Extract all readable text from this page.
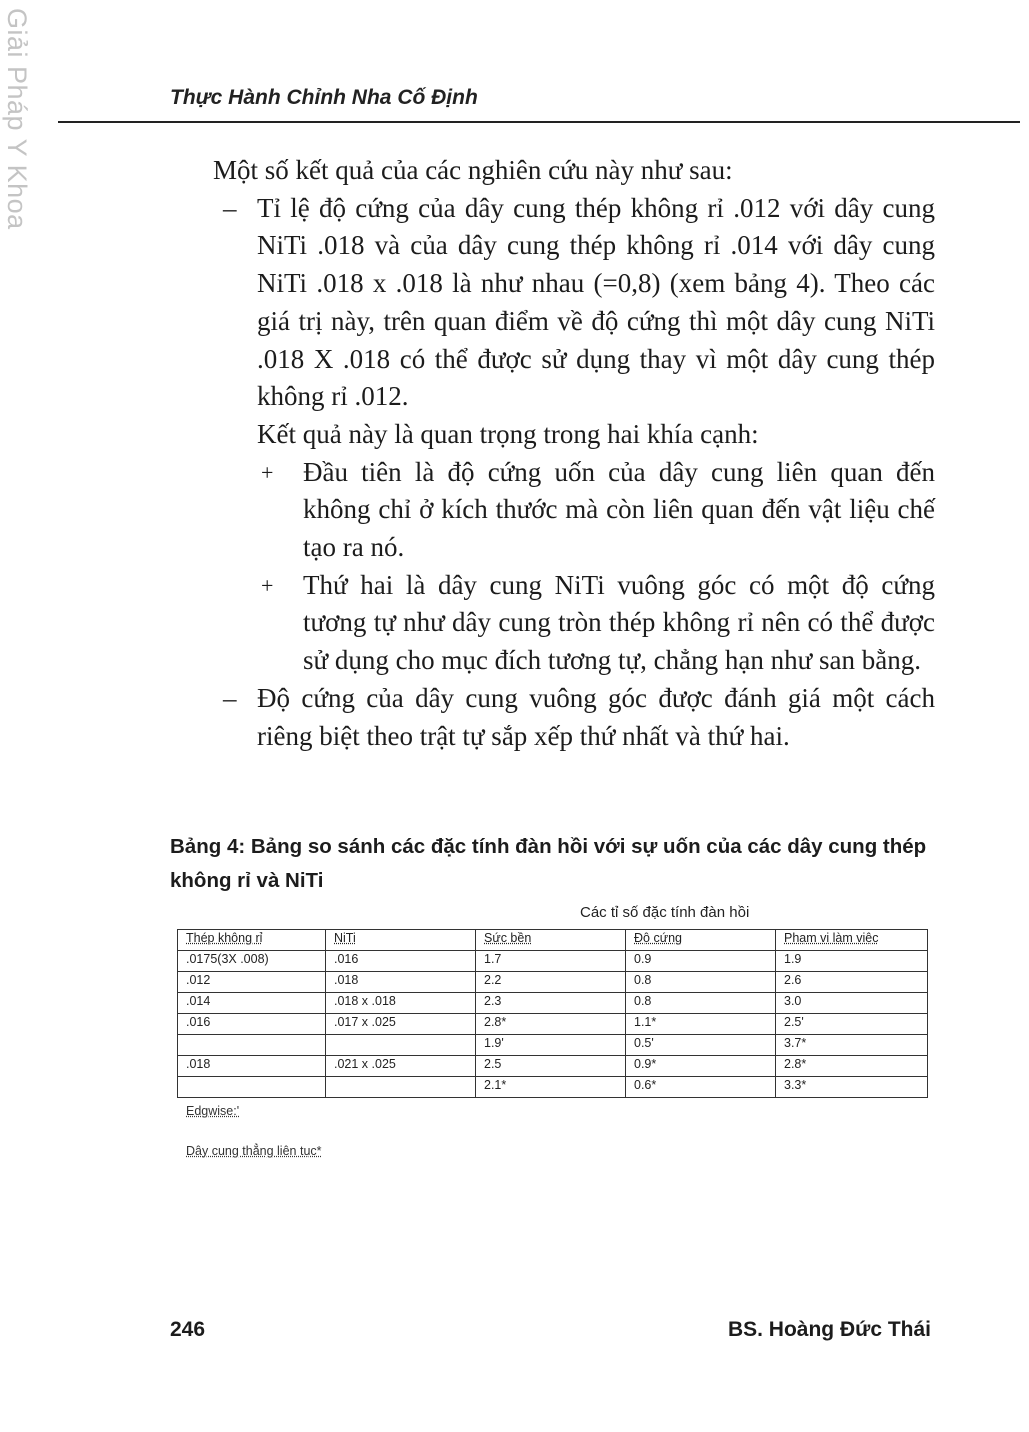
Giải Pháp Y Khoa	Thực Hành Chỉnh Nha Cố Định

Một số kết quả của các nghiên cứu này như sau:

– Tỉ lệ độ cứng của dây cung thép không rỉ .012 với dây cung NiTi .018 và của dây cung thép không rỉ .014 với dây cung NiTi .018 x .018 là như nhau (=0,8) (xem bảng 4). Theo các giá trị này, trên quan điểm về độ cứng thì một dây cung NiTi .018 X .018 có thể được sử dụng thay vì một dây cung thép không rỉ .012.
Kết quả này là quan trọng trong hai khía cạnh:
+ Đầu tiên là độ cứng uốn của dây cung liên quan đến không chỉ ở kích thước mà còn liên quan đến vật liệu chế tạo ra nó.
+ Thứ hai là dây cung NiTi vuông góc có một độ cứng tương tự như dây cung tròn thép không rỉ nên có thể được sử dụng cho mục đích tương tự, chẳng hạn như san bằng.
– Độ cứng của dây cung vuông góc được đánh giá một cách riêng biệt theo trật tự sắp xếp thứ nhất và thứ hai.

Bảng 4: Bảng so sánh các đặc tính đàn hồi với sự uốn của các dây cung thép không rỉ và NiTi

Các tỉ số đặc tính đàn hồi
Thép không rỉ	NiTi	Sức bền	Độ cứng	Phạm vi làm việc
.0175(3X .008)	.016	1.7	0.9	1.9
.012	.018	2.2	0.8	2.6
.014	.018 x .018	2.3	0.8	3.0
.016	.017 x .025	2.8*	1.1*	2.5'
		1.9'	0.5'	3.7*
.018	.021 x .025	2.5	0.9*	2.8*
		2.1*	0.6*	3.3*
Edgwise:'
Dây cung thẳng liên tục*
246	BS. Hoàng Đức Thái
